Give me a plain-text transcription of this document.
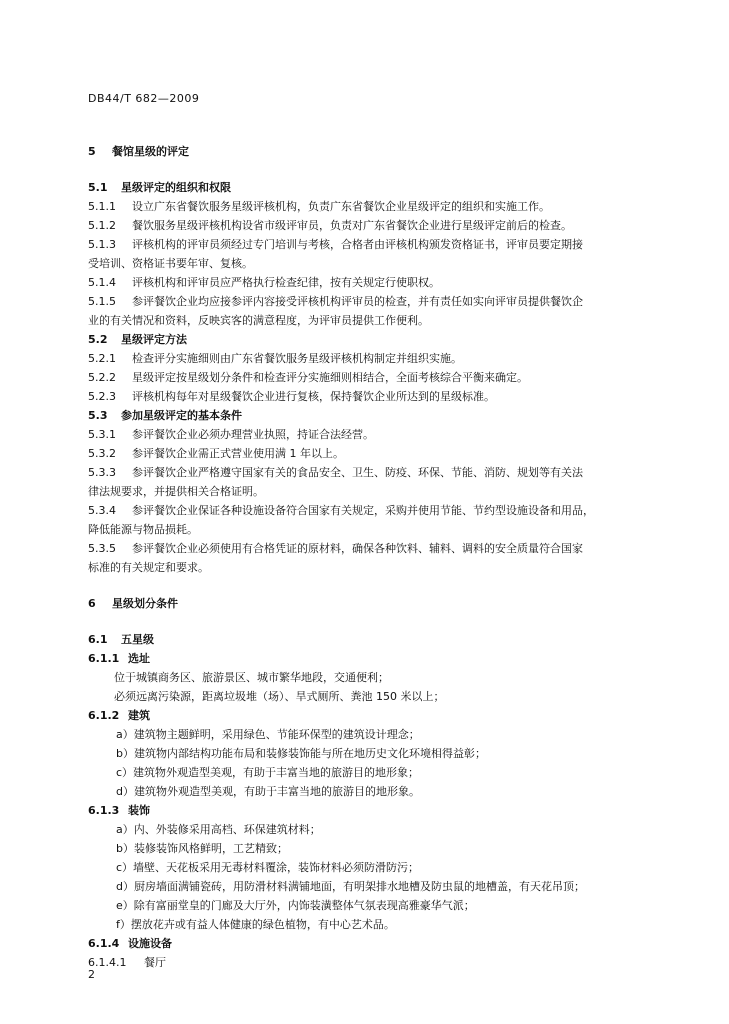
DB44/T 682—2009
5 餐馆星级的评定
5.1 星级评定的组织和权限
5.1.1 设立广东省餐饮服务星级评核机构，负责广东省餐饮企业星级评定的组织和实施工作。
5.1.2 餐饮服务星级评核机构设省市级评审员，负责对广东省餐饮企业进行星级评定前后的检查。
5.1.3 评核机构的评审员须经过专门培训与考核，合格者由评核机构颁发资格证书，评审员要定期接
受培训、资格证书要年审、复核。
5.1.4 评核机构和评审员应严格执行检查纪律，按有关规定行使职权。
5.1.5 参评餐饮企业均应接参评内容接受评核机构评审员的检查，并有责任如实向评审员提供餐饮企
业的有关情况和资料，反映宾客的满意程度，为评审员提供工作便利。
5.2 星级评定方法
5.2.1 检查评分实施细则由广东省餐饮服务星级评核机构制定并组织实施。
5.2.2 星级评定按星级划分条件和检查评分实施细则相结合，全面考核综合平衡来确定。
5.2.3 评核机构每年对星级餐饮企业进行复核，保持餐饮企业所达到的星级标准。
5.3 参加星级评定的基本条件
5.3.1 参评餐饮企业必须办理营业执照，持证合法经营。
5.3.2 参评餐饮企业需正式营业使用满 1 年以上。
5.3.3 参评餐饮企业严格遵守国家有关的食品安全、卫生、防疫、环保、节能、消防、规划等有关法
律法规要求，并提供相关合格证明。
5.3.4 参评餐饮企业保证各种设施设备符合国家有关规定，采购并使用节能、节约型设施设备和用品，
降低能源与物品损耗。
5.3.5 参评餐饮企业必须使用有合格凭证的原材料，确保各种饮料、辅料、调料的安全质量符合国家
标准的有关规定和要求。
6 星级划分条件
6.1 五星级
6.1.1 选址
位于城镇商务区、旅游景区、城市繁华地段，交通便利；
必须远离污染源，距离垃圾堆（场）、旱式厕所、粪池 150 米以上；
6.1.2 建筑
a）建筑物主题鲜明，采用绿色、节能环保型的建筑设计理念；
b）建筑物内部结构功能布局和装修装饰能与所在地历史文化环境相得益彰；
c）建筑物外观造型美观，有助于丰富当地的旅游目的地形象；
d）建筑物外观造型美观，有助于丰富当地的旅游目的地形象。
6.1.3 装饰
a）内、外装修采用高档、环保建筑材料；
b）装修装饰风格鲜明，工艺精致；
c）墙壁、天花板采用无毒材料覆涂，装饰材料必须防滑防污；
d）厨房墙面满铺瓷砖，用防滑材料满铺地面，有明架排水地槽及防虫鼠的地槽盖，有天花吊顶；
e）除有富丽堂皇的门廊及大厅外，内饰装潢整体气氛表现高雅豪华气派；
f）摆放花卉或有益人体健康的绿色植物，有中心艺术品。
6.1.4 设施设备
6.1.4.1 餐厅
2
